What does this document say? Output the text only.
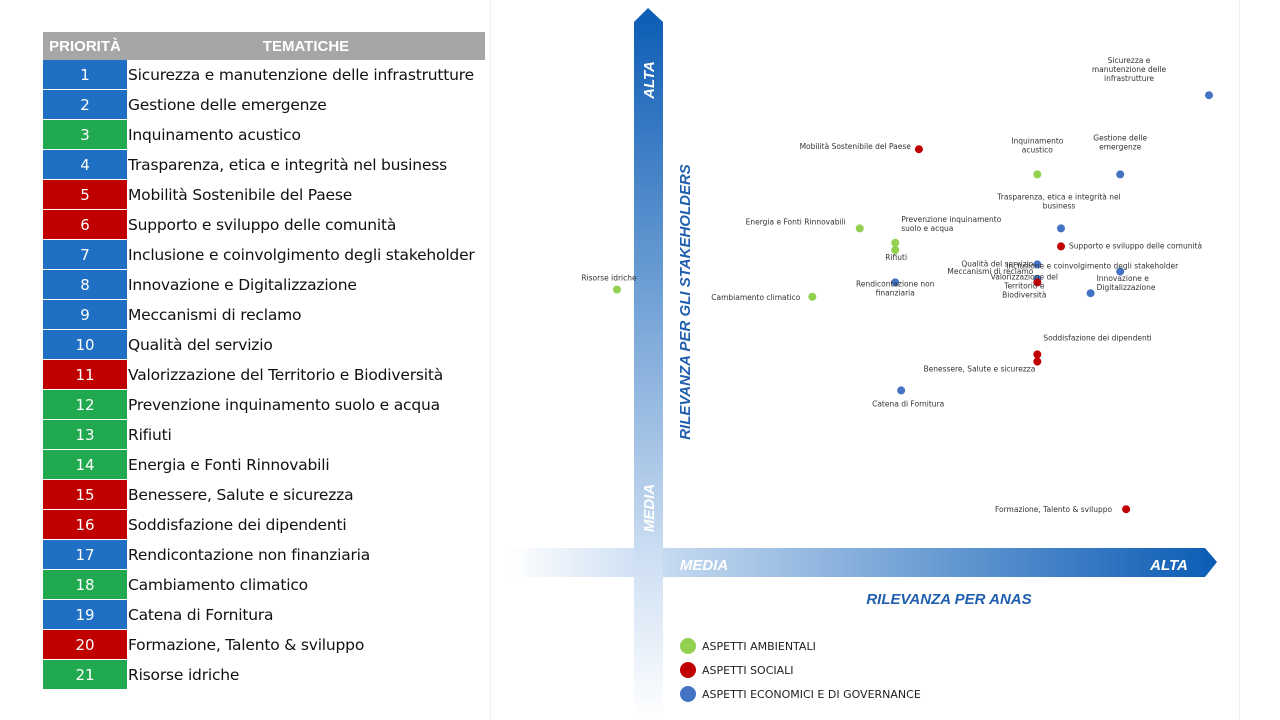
PRIORITÀ	TEMATICHE
1	Sicurezza e manutenzione delle infrastrutture
2	Gestione delle emergenze
3	Inquinamento acustico
4	Trasparenza, etica e integrità nel business
5	Mobilità Sostenibile del Paese
6	Supporto e sviluppo delle comunità
7	Inclusione e coinvolgimento degli stakeholder
8	Innovazione e Digitalizzazione
9	Meccanismi di reclamo
10	Qualità del servizio
11	Valorizzazione del Territorio e Biodiversità
12	Prevenzione inquinamento suolo e acqua
13	Rifiuti
14	Energia e Fonti Rinnovabili
15	Benessere, Salute e sicurezza
16	Soddisfazione dei dipendenti
17	Rendicontazione non finanziaria
18	Cambiamento climatico
19	Catena di Fornitura
20	Formazione, Talento & sviluppo
21	Risorse idriche
ALTA
MEDIA
RILEVANZA PER GLI STAKEHOLDERS
MEDIA	ALTA
RILEVANZA PER ANAS
Sicurezza e manutenzione delle infrastrutture
Mobilità Sostenibile del Paese
Inquinamento acustico
Gestione delle emergenze
Energia e Fonti Rinnovabili
Trasparenza, etica e integrità nel business
Prevenzione inquinamento suolo e acqua
Rifiuti
Supporto e sviluppo delle comunità
Qualità del servizio
Inclusione e coinvolgimento degli stakeholder
Meccanismi di reclamo
Valorizzazione del Territorio e Biodiversità
Rendicontazione non finanziaria
Innovazione e Digitalizzazione
Cambiamento climatico
Risorse idriche
Soddisfazione dei dipendenti
Benessere, Salute e sicurezza
Catena di Fornitura
Formazione, Talento & sviluppo
ASPETTI AMBIENTALI
ASPETTI SOCIALI
ASPETTI ECONOMICI E DI GOVERNANCE
